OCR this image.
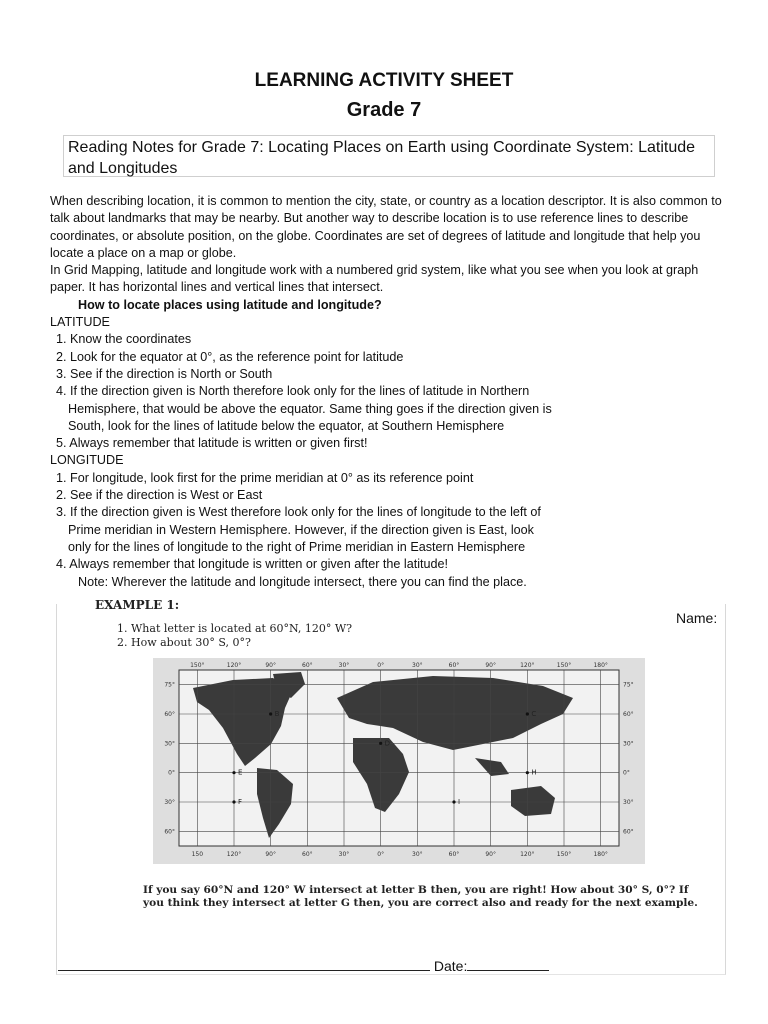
LEARNING ACTIVITY SHEET
Grade 7
Reading Notes for Grade 7: Locating Places on Earth using Coordinate System: Latitude and Longitudes

When describing location, it is common to mention the city, state, or country as a location descriptor. It is also common to talk about landmarks that may be nearby. But another way to describe location is to use reference lines to describe coordinates, or absolute position, on the globe. Coordinates are set of degrees of latitude and longitude that help you locate a place on a map or globe.

In Grid Mapping, latitude and longitude work with a numbered grid system, like what you see when you look at graph paper. It has horizontal lines and vertical lines that intersect.

How to locate places using latitude and longitude?

LATITUDE

1. Know the coordinates

2. Look for the equator at 0°, as the reference point for latitude

3. See if the direction is North or South

4. If the direction given is North therefore look only for the lines of latitude in Northern

Hemisphere, that would be above the equator. Same thing goes if the direction given is

South, look for the lines of latitude below the equator, at Southern Hemisphere

5. Always remember that latitude is written or given first!

LONGITUDE

1. For longitude, look first for the prime meridian at 0° as its reference point

2. See if the direction is West or East

3. If the direction given is West therefore look only for the lines of longitude to the left of

Prime meridian in Western Hemisphere. However, if the direction given is East, look

only for the lines of longitude to the right of Prime meridian in Eastern Hemisphere

4. Always remember that longitude is written or given after the latitude!

Note: Wherever the latitude and longitude intersect, there you can find the place.

Name:
EXAMPLE 1:
1. What letter is located at 60°N, 120° W?
2. How about 30° S, 0°?
150°
150
120°
120°
90°
90°
60°
60°
30°
30°
0°
0°
30°
30°
60°
60°
90°
90°
120°
120°
150°
150°
180°
180°
75°	75°
60°	60°
30°	30°
0°	0°
30°	30°
60°	60°
B	C
D
E
F
H
I
If you say 60°N and 120° W intersect at letter B then, you are right! How about 30° S, 0°? If you think they intersect at letter G then, you are correct also and ready for the next example.
Date:
